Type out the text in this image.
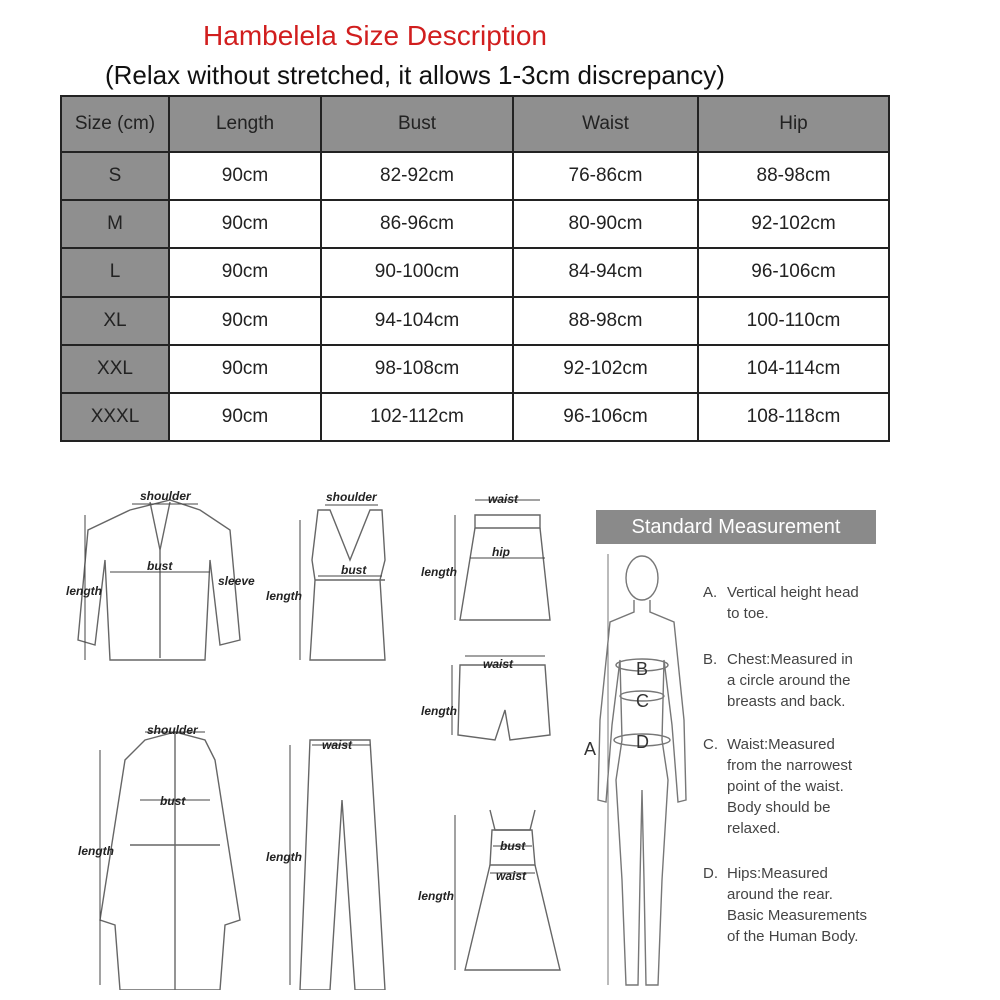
Hambelela Size Description
(Relax without stretched, it allows 1-3cm discrepancy)
Size (cm)	Length	Bust	Waist	Hip
S	90cm	82-92cm	76-86cm	88-98cm
M	90cm	86-96cm	80-90cm	92-102cm
L	90cm	90-100cm	84-94cm	96-106cm
XL	90cm	94-104cm	88-98cm	100-110cm
XXL	90cm	98-108cm	92-102cm	104-114cm
XXXL	90cm	102-112cm	96-106cm	108-118cm
shoulder
bust
sleeve
length
shoulder
bust
length
waist
hip
length
waist
length
shoulder
bust
length
waist
length
bust
waist
length
Standard Measurement
A
B
C
D
A. Vertical height head
to toe.
B. Chest:Measured in
a circle around the
breasts and back.
C. Waist:Measured
from the narrowest
point of the waist.
Body should be
relaxed.
D. Hips:Measured
around the rear.
Basic Measurements
of the Human Body.
